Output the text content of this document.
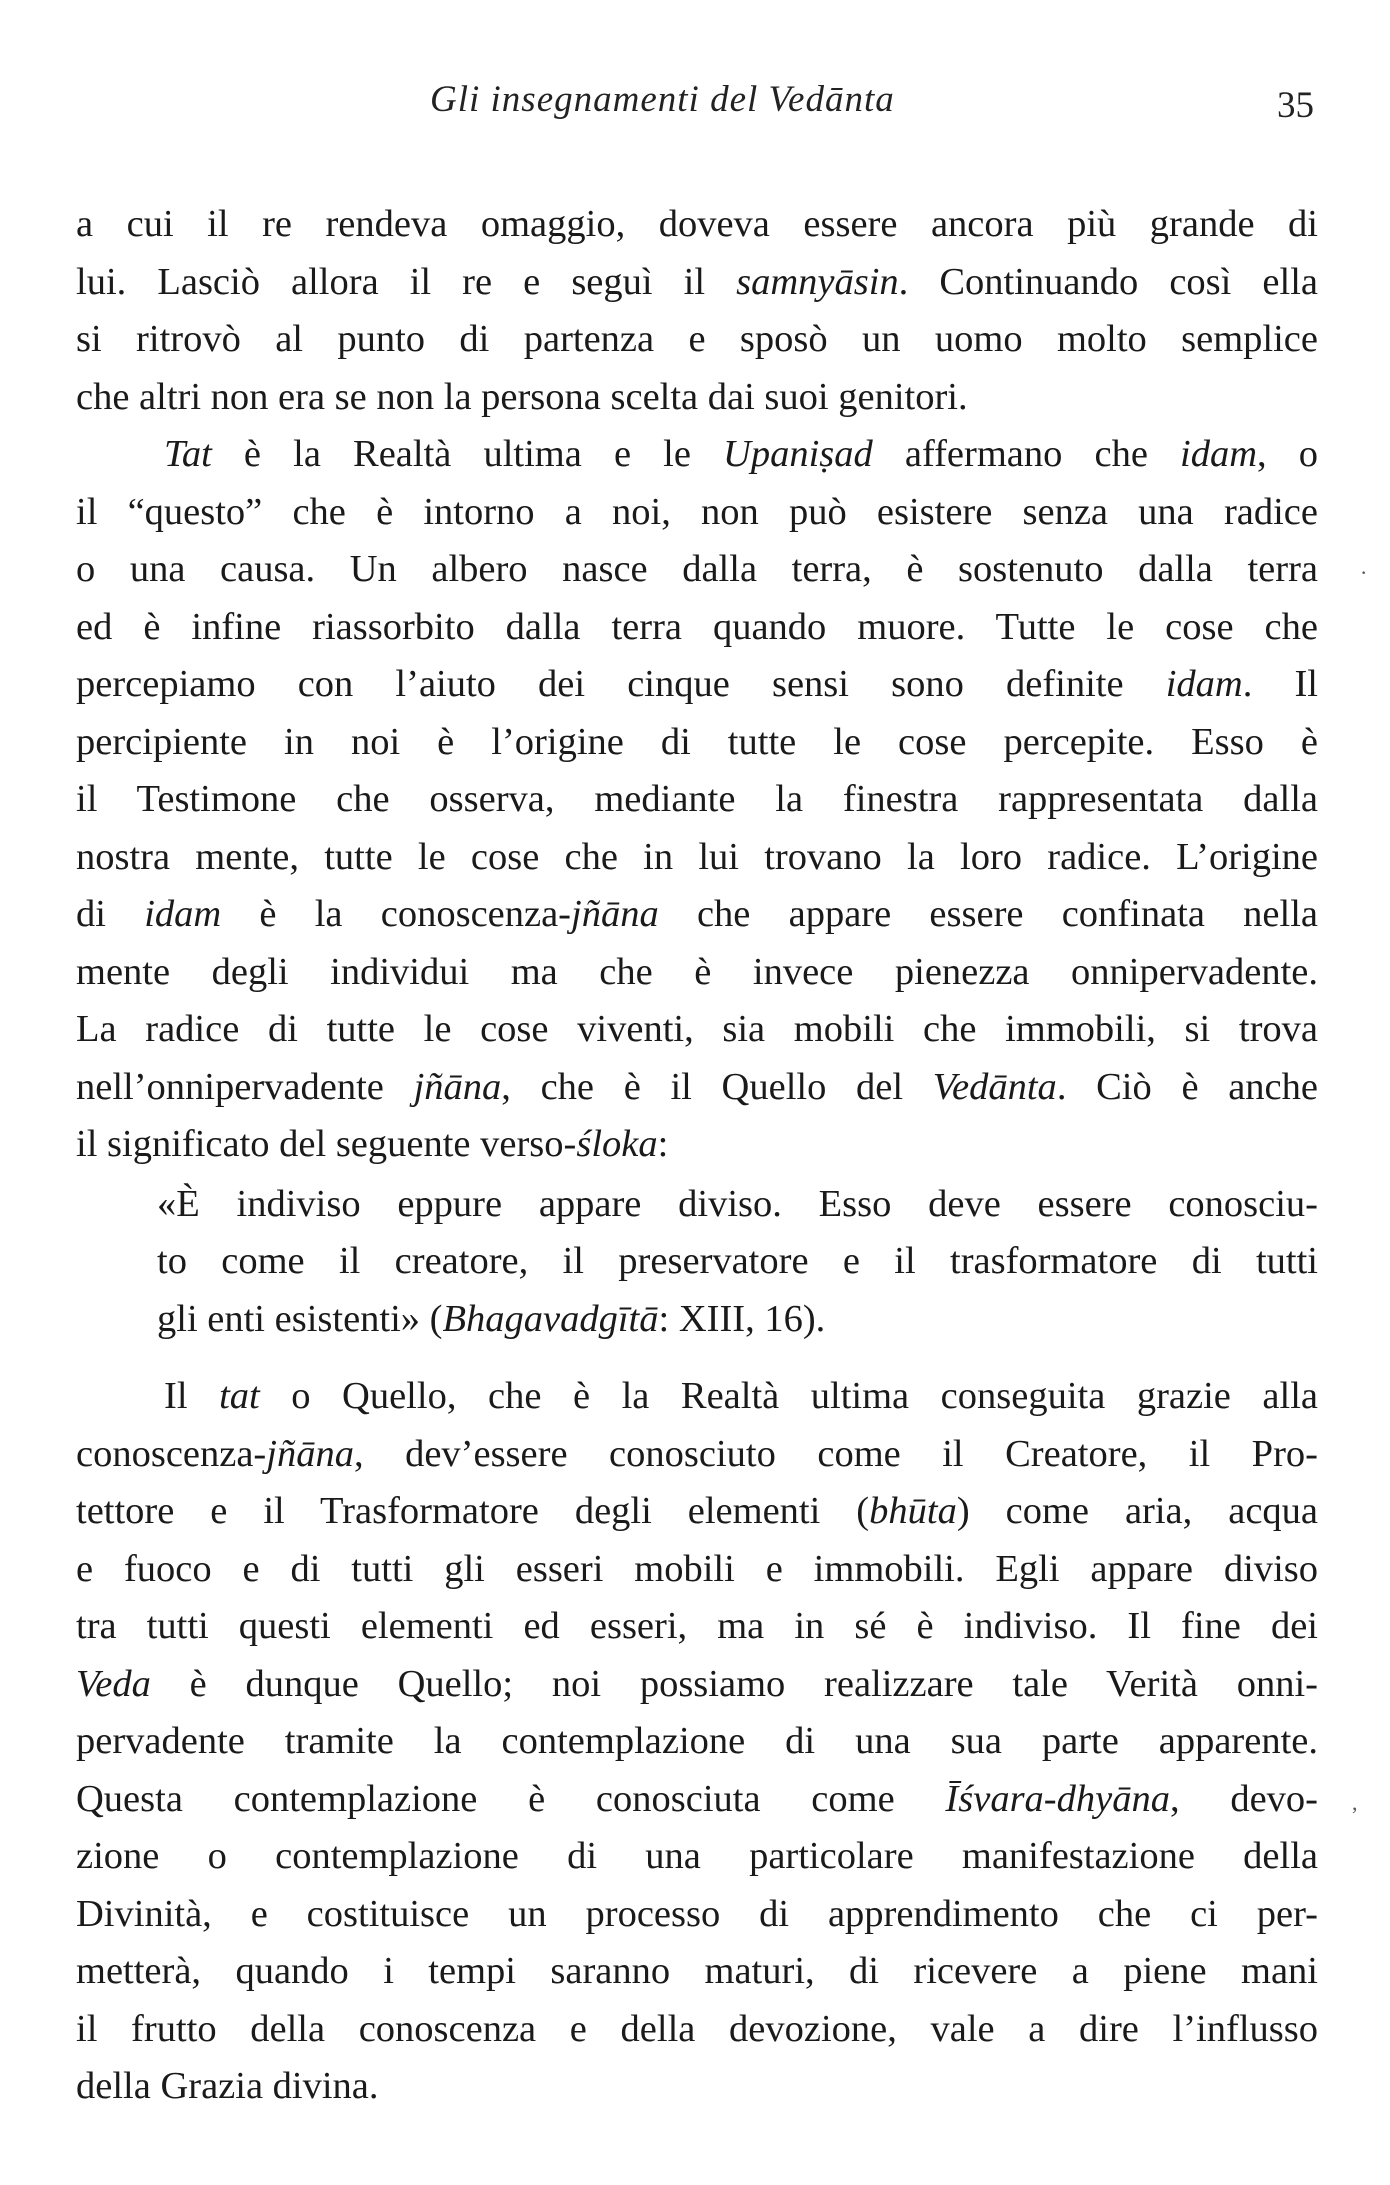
Gli insegnamenti del Vedānta	35
a cui il re rendeva omaggio, doveva essere ancora più grande di
lui. Lasciò allora il re e seguì il samnyāsin. Continuando così ella
si ritrovò al punto di partenza e sposò un uomo molto semplice
che altri non era se non la persona scelta dai suoi genitori.
Tat è la Realtà ultima e le Upaniṣad affermano che idam, o
il “questo” che è intorno a noi, non può esistere senza una radice
o una causa. Un albero nasce dalla terra, è sostenuto dalla terra
ed è infine riassorbito dalla terra quando muore. Tutte le cose che
percepiamo con l’aiuto dei cinque sensi sono definite idam. Il
percipiente in noi è l’origine di tutte le cose percepite. Esso è
il Testimone che osserva, mediante la finestra rappresentata dalla
nostra mente, tutte le cose che in lui trovano la loro radice. L’origine
di idam è la conoscenza-jñāna che appare essere confinata nella
mente degli individui ma che è invece pienezza onnipervadente.
La radice di tutte le cose viventi, sia mobili che immobili, si trova
nell’onnipervadente jñāna, che è il Quello del Vedānta. Ciò è anche
il significato del seguente verso-śloka:
«È indiviso eppure appare diviso. Esso deve essere conosciu-
to come il creatore, il preservatore e il trasformatore di tutti
gli enti esistenti» (Bhagavadgītā: XIII, 16).
Il tat o Quello, che è la Realtà ultima conseguita grazie alla
conoscenza-jñāna, dev’essere conosciuto come il Creatore, il Pro-
tettore e il Trasformatore degli elementi (bhūta) come aria, acqua
e fuoco e di tutti gli esseri mobili e immobili. Egli appare diviso
tra tutti questi elementi ed esseri, ma in sé è indiviso. Il fine dei
Veda è dunque Quello; noi possiamo realizzare tale Verità onni-
pervadente tramite la contemplazione di una sua parte apparente.
Questa contemplazione è conosciuta come Īśvara-dhyāna, devo-
zione o contemplazione di una particolare manifestazione della
Divinità, e costituisce un processo di apprendimento che ci per-
metterà, quando i tempi saranno maturi, di ricevere a piene mani
il frutto della conoscenza e della devozione, vale a dire l’influsso
della Grazia divina.
·
,
